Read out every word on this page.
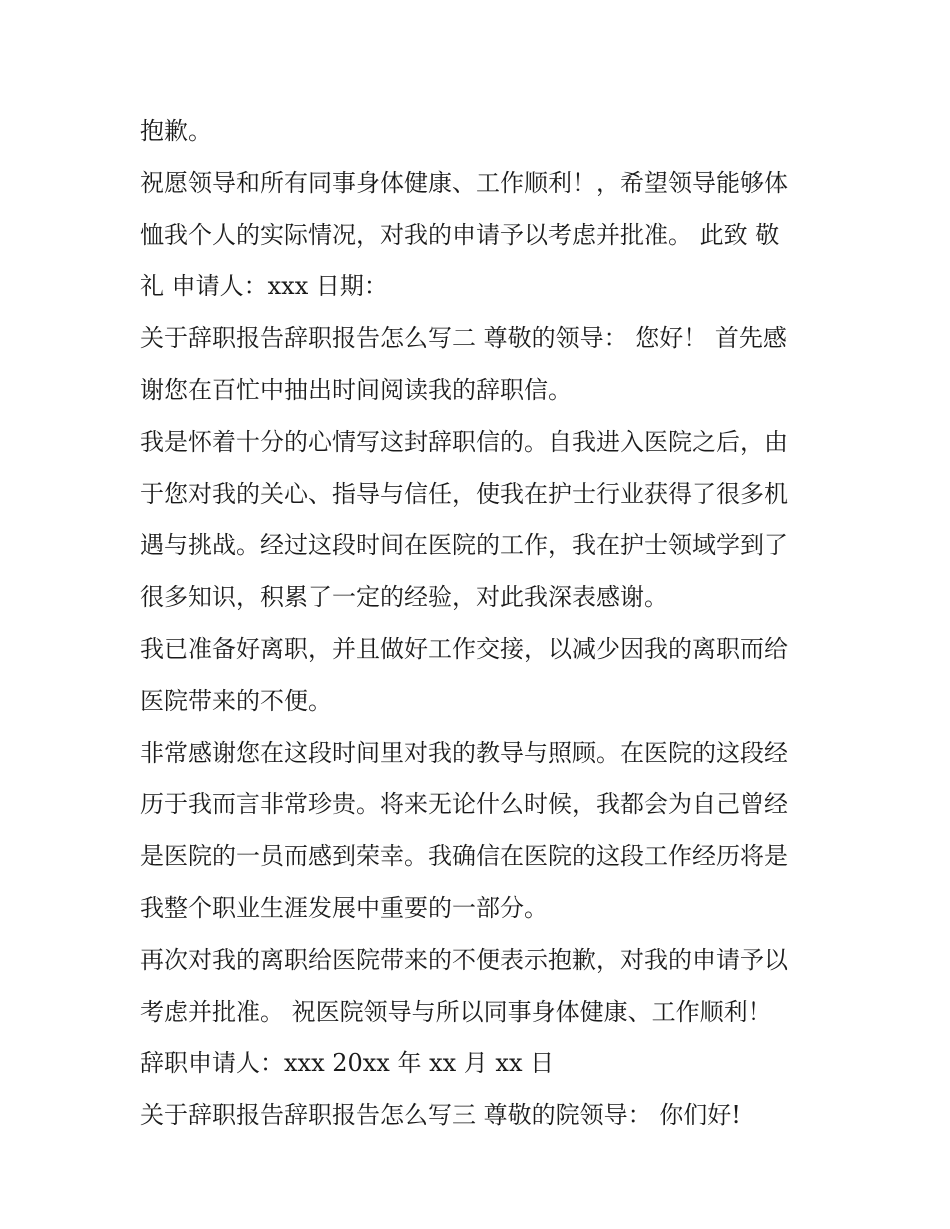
抱歉。
祝愿领导和所有同事身体健康、工作顺利！，希望领导能够体
恤我个人的实际情况，对我的申请予以考虑并批准。 此致 敬
礼 申请人：xxx 日期：
关于辞职报告辞职报告怎么写二 尊敬的领导： 您好！ 首先感
谢您在百忙中抽出时间阅读我的辞职信。
我是怀着十分的心情写这封辞职信的。自我进入医院之后，由
于您对我的关心、指导与信任，使我在护士行业获得了很多机
遇与挑战。经过这段时间在医院的工作，我在护士领域学到了
很多知识，积累了一定的经验，对此我深表感谢。
我已准备好离职，并且做好工作交接，以减少因我的离职而给
医院带来的不便。
非常感谢您在这段时间里对我的教导与照顾。在医院的这段经
历于我而言非常珍贵。将来无论什么时候，我都会为自己曾经
是医院的一员而感到荣幸。我确信在医院的这段工作经历将是
我整个职业生涯发展中重要的一部分。
再次对我的离职给医院带来的不便表示抱歉，对我的申请予以
考虑并批准。 祝医院领导与所以同事身体健康、工作顺利！
辞职申请人：xxx 20xx 年 xx 月 xx 日
关于辞职报告辞职报告怎么写三 尊敬的院领导： 你们好!
